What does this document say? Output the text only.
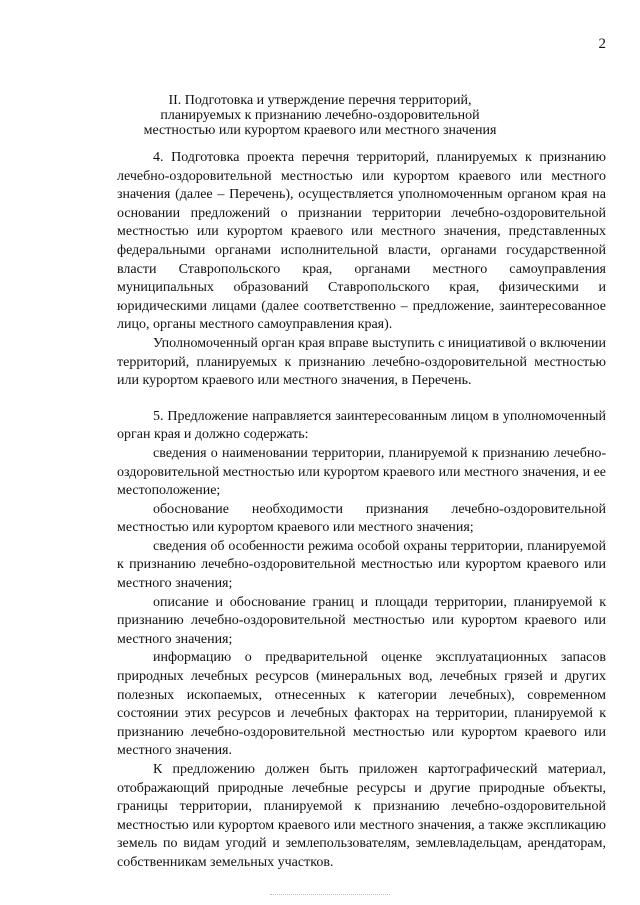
2
II. Подготовка и утверждение перечня территорий,
планируемых к признанию лечебно-оздоровительной
местностью или курортом краевого или местного значения

4. Подготовка проекта перечня территорий, планируемых к признанию лечебно-оздоровительной местностью или курортом краевого или местного значения (далее – Перечень), осуществляется уполномоченным органом края на основании предложений о признании территории лечебно-оздоровительной местностью или курортом краевого или местного значения, представленных федеральными органами исполнительной власти, органами государственной власти Ставропольского края, органами местного самоуправления муниципальных образований Ставропольского края, физическими и юридическими лицами (далее соответственно – предложение, заинтересованное лицо, органы местного самоуправления края).

Уполномоченный орган края вправе выступить с инициативой о включении территорий, планируемых к признанию лечебно-оздоровительной местностью или курортом краевого или местного значения, в Перечень.

5. Предложение направляется заинтересованным лицом в уполномоченный орган края и должно содержать:

сведения о наименовании территории, планируемой к признанию лечебно-оздоровительной местностью или курортом краевого или местного значения, и ее местоположение;

обоснование необходимости признания лечебно-оздоровительной местностью или курортом краевого или местного значения;

сведения об особенности режима особой охраны территории, планируемой к признанию лечебно-оздоровительной местностью или курортом краевого или местного значения;

описание и обоснование границ и площади территории, планируемой к признанию лечебно-оздоровительной местностью или курортом краевого или местного значения;

информацию о предварительной оценке эксплуатационных запасов природных лечебных ресурсов (минеральных вод, лечебных грязей и других полезных ископаемых, отнесенных к категории лечебных), современном состоянии этих ресурсов и лечебных факторах на территории, планируемой к признанию лечебно-оздоровительной местностью или курортом краевого или местного значения.

К предложению должен быть приложен картографический материал, отображающий природные лечебные ресурсы и другие природные объекты, границы территории, планируемой к признанию лечебно-оздоровительной местностью или курортом краевого или местного значения, а также экспликацию земель по видам угодий и землепользователям, землевладельцам, арендаторам, собственникам земельных участков.
